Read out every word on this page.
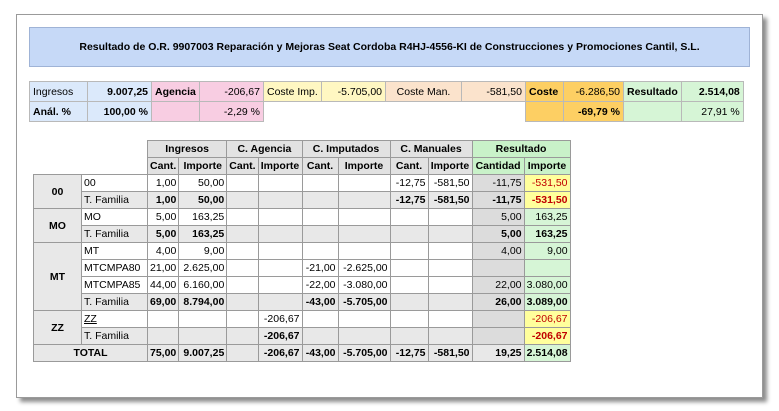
Resultado de O.R. 9907003 Reparación y Mejoras Seat Cordoba R4HJ-4556-KI de Construcciones y Promociones Cantil, S.L.
Ingresos	9.007,25	Agencia	-206,67	Coste Imp.	-5.705,00	Coste Man.	-581,50	Coste	-6.286,50	Resultado	2.514,08
Anál. %	100,00 %		-2,29 %						-69,79 %		27,91 %
		Ingresos		C. Agencia		C. Imputados		C. Manuales		Resultado	
		Cant.	Importe	Cant.	Importe	Cant.	Importe	Cant.	Importe	Cantidad	Importe
00	00	1,00	50,00					-12,75	-581,50	-11,75	-531,50
	T. Familia	1,00	50,00					-12,75	-581,50	-11,75	-531,50
MO	MO	5,00	163,25							5,00	163,25
	T. Familia	5,00	163,25							5,00	163,25
MT	MT	4,00	9,00							4,00	9,00
	MTCMPA80	21,00	2.625,00			-21,00	-2.625,00				
	MTCMPA85	44,00	6.160,00			-22,00	-3.080,00			22,00	3.080,00
	T. Familia	69,00	8.794,00			-43,00	-5.705,00			26,00	3.089,00
ZZ	ZZ				-206,67						-206,67
	T. Familia				-206,67						-206,67
TOTAL		75,00	9.007,25		-206,67	-43,00	-5.705,00	-12,75	-581,50	19,25	2.514,08
